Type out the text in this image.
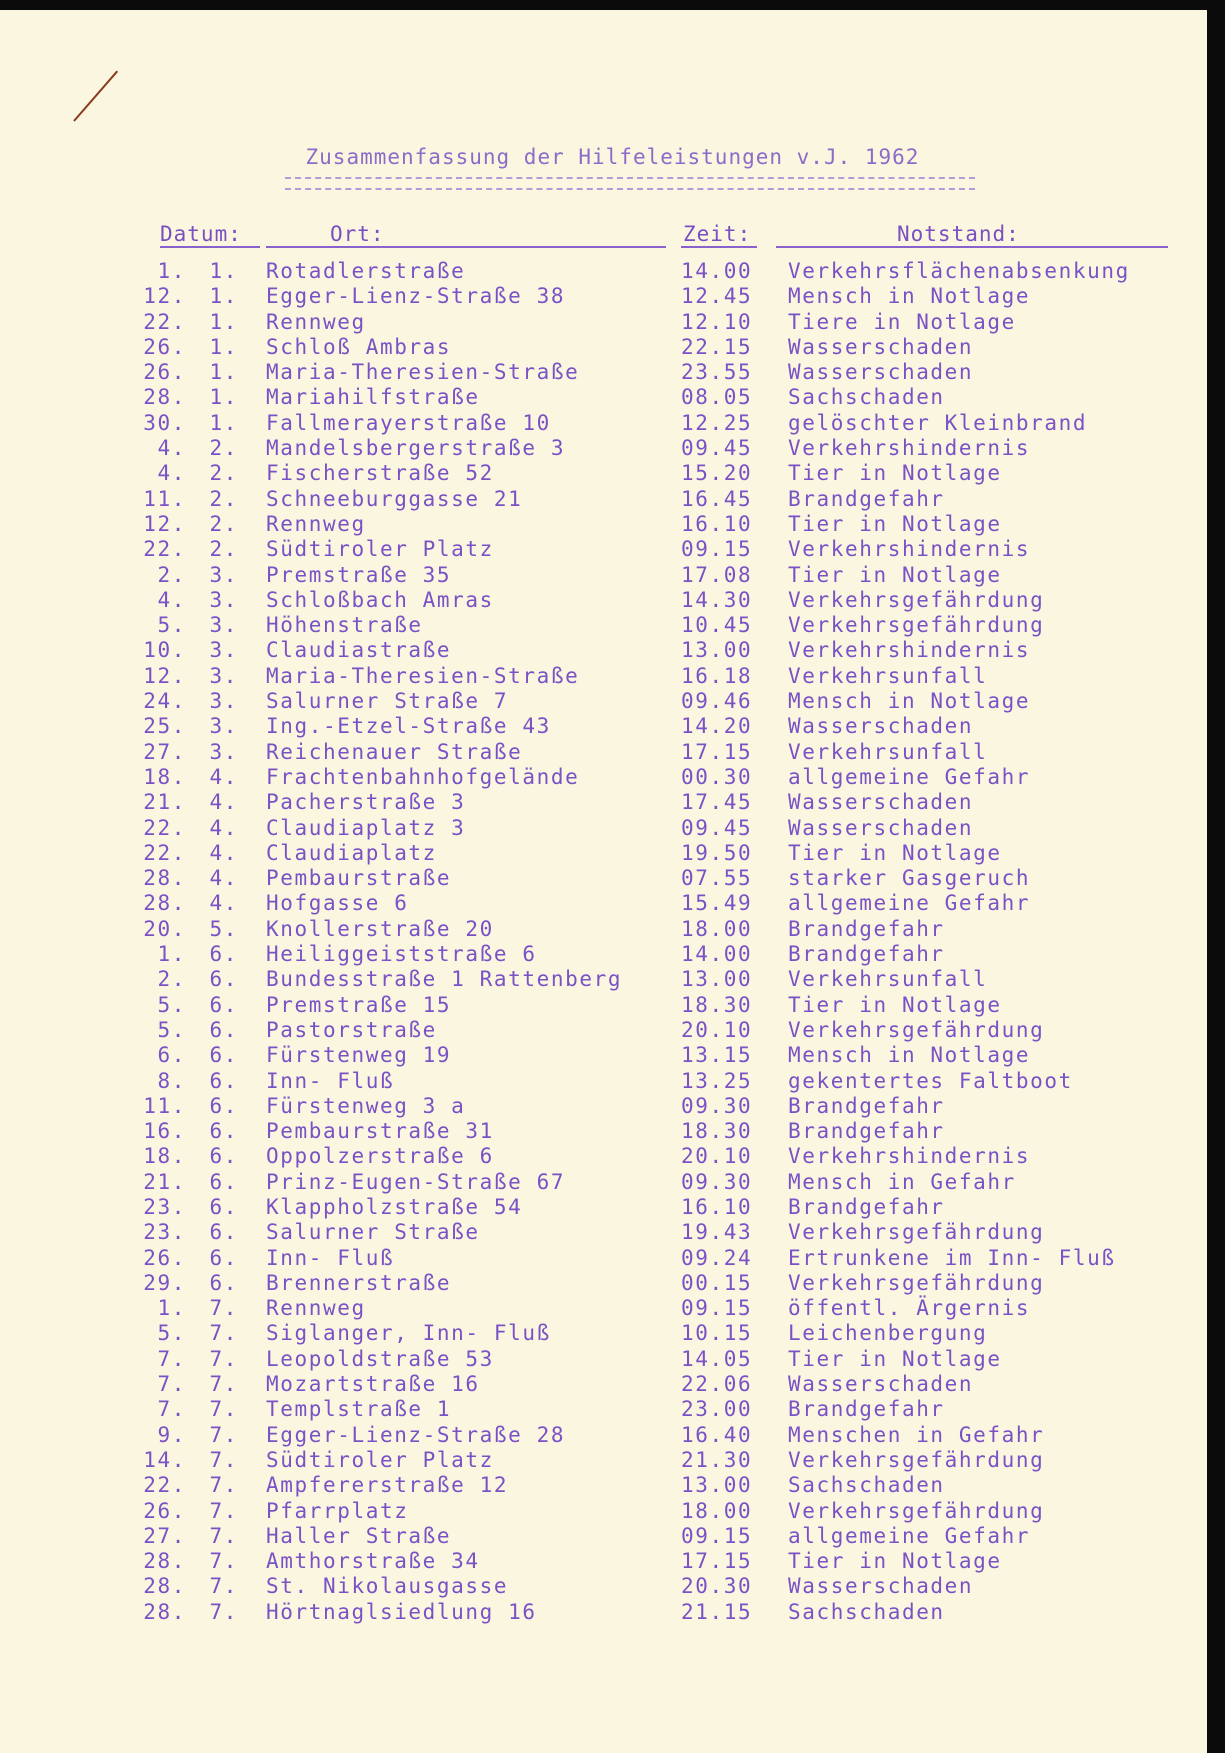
Zusammenfassung der Hilfeleistungen v.J. 1962
Datum:	Ort:	Zeit:	Notstand:
1. 1. Rotadlerstraße	14.00 Verkehrsflächenabsenkung
12. 1. Egger-Lienz-Straße 38	12.45 Mensch in Notlage
22. 1. Rennweg	12.10 Tiere in Notlage
26. 1. Schloß Ambras	22.15 Wasserschaden
26. 1. Maria-Theresien-Straße	23.55 Wasserschaden
28. 1. Mariahilfstraße	08.05 Sachschaden
30. 1. Fallmerayerstraße 10	12.25 gelöschter Kleinbrand
4. 2. Mandelsbergerstraße 3	09.45 Verkehrshindernis
4. 2. Fischerstraße 52	15.20 Tier in Notlage
11. 2. Schneeburggasse 21	16.45 Brandgefahr
12. 2. Rennweg	16.10 Tier in Notlage
22. 2. Südtiroler Platz	09.15 Verkehrshindernis
2. 3. Premstraße 35	17.08 Tier in Notlage
4. 3. Schloßbach Amras	14.30 Verkehrsgefährdung
5. 3. Höhenstraße	10.45 Verkehrsgefährdung
10. 3. Claudiastraße	13.00 Verkehrshindernis
12. 3. Maria-Theresien-Straße	16.18 Verkehrsunfall
24. 3. Salurner Straße 7	09.46 Mensch in Notlage
25. 3. Ing.-Etzel-Straße 43	14.20 Wasserschaden
27. 3. Reichenauer Straße	17.15 Verkehrsunfall
18. 4. Frachtenbahnhofgelände	00.30 allgemeine Gefahr
21. 4. Pacherstraße 3	17.45 Wasserschaden
22. 4. Claudiaplatz 3	09.45 Wasserschaden
22. 4. Claudiaplatz	19.50 Tier in Notlage
28. 4. Pembaurstraße	07.55 starker Gasgeruch
28. 4. Hofgasse 6	15.49 allgemeine Gefahr
20. 5. Knollerstraße 20	18.00 Brandgefahr
1. 6. Heiliggeiststraße 6	14.00 Brandgefahr
2. 6. Bundesstraße 1 Rattenberg	13.00 Verkehrsunfall
5. 6. Premstraße 15	18.30 Tier in Notlage
5. 6. Pastorstraße	20.10 Verkehrsgefährdung
6. 6. Fürstenweg 19	13.15 Mensch in Notlage
8. 6. Inn- Fluß	13.25 gekentertes Faltboot
11. 6. Fürstenweg 3 a	09.30 Brandgefahr
16. 6. Pembaurstraße 31	18.30 Brandgefahr
18. 6. Oppolzerstraße 6	20.10 Verkehrshindernis
21. 6. Prinz-Eugen-Straße 67	09.30 Mensch in Gefahr
23. 6. Klappholzstraße 54	16.10 Brandgefahr
23. 6. Salurner Straße	19.43 Verkehrsgefährdung
26. 6. Inn- Fluß	09.24 Ertrunkene im Inn- Fluß
29. 6. Brennerstraße	00.15 Verkehrsgefährdung
1. 7. Rennweg	09.15 öffentl. Ärgernis
5. 7. Siglanger, Inn- Fluß	10.15 Leichenbergung
7. 7. Leopoldstraße 53	14.05 Tier in Notlage
7. 7. Mozartstraße 16	22.06 Wasserschaden
7. 7. Templstraße 1	23.00 Brandgefahr
9. 7. Egger-Lienz-Straße 28	16.40 Menschen in Gefahr
14. 7. Südtiroler Platz	21.30 Verkehrsgefährdung
22. 7. Ampfererstraße 12	13.00 Sachschaden
26. 7. Pfarrplatz	18.00 Verkehrsgefährdung
27. 7. Haller Straße	09.15 allgemeine Gefahr
28. 7. Amthorstraße 34	17.15 Tier in Notlage
28. 7. St. Nikolausgasse	20.30 Wasserschaden
28. 7. Hörtnaglsiedlung 16	21.15 Sachschaden
